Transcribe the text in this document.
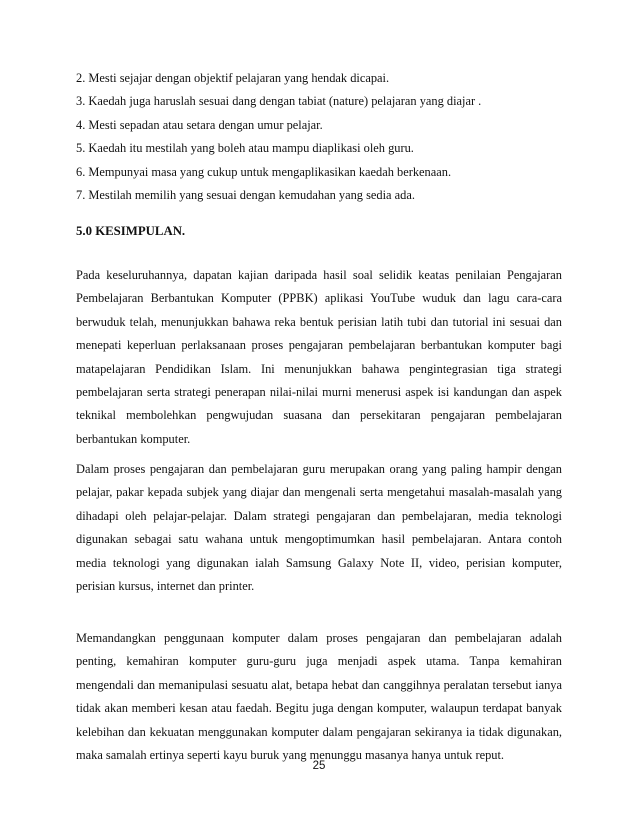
2. Mesti sejajar dengan objektif pelajaran yang hendak dicapai.
3. Kaedah juga haruslah sesuai dang dengan tabiat (nature) pelajaran yang diajar .
4. Mesti sepadan atau setara dengan umur pelajar.
5. Kaedah itu mestilah yang boleh atau mampu diaplikasi oleh guru.
6. Mempunyai masa yang cukup untuk mengaplikasikan kaedah berkenaan.
7. Mestilah memilih yang sesuai dengan kemudahan yang sedia ada.
5.0 KESIMPULAN.
Pada keseluruhannya, dapatan kajian daripada hasil soal selidik keatas penilaian Pengajaran
Pembelajaran Berbantukan Komputer (PPBK) aplikasi YouTube wuduk dan lagu cara-cara
berwuduk telah, menunjukkan bahawa reka bentuk perisian latih tubi dan tutorial ini sesuai dan
menepati keperluan perlaksanaan proses pengajaran pembelajaran berbantukan komputer bagi
matapelajaran Pendidikan Islam. Ini menunjukkan bahawa pengintegrasian tiga strategi
pembelajaran serta strategi penerapan nilai-nilai murni menerusi aspek isi kandungan dan aspek
teknikal membolehkan pengwujudan suasana dan persekitaran pengajaran pembelajaran
berbantukan komputer.
Dalam proses pengajaran dan pembelajaran guru merupakan orang yang paling hampir dengan
pelajar, pakar kepada subjek yang diajar dan mengenali serta mengetahui masalah-masalah yang
dihadapi oleh pelajar-pelajar. Dalam strategi pengajaran dan pembelajaran, media teknologi
digunakan sebagai satu wahana untuk mengoptimumkan hasil pembelajaran. Antara contoh
media teknologi yang digunakan ialah Samsung Galaxy Note II, video, perisian komputer,
perisian kursus, internet dan printer.
Memandangkan penggunaan komputer dalam proses pengajaran dan pembelajaran adalah
penting, kemahiran komputer guru-guru juga menjadi aspek utama. Tanpa kemahiran
mengendali dan memanipulasi sesuatu alat, betapa hebat dan canggihnya peralatan tersebut ianya
tidak akan memberi kesan atau faedah. Begitu juga dengan komputer, walaupun terdapat banyak
kelebihan dan kekuatan menggunakan komputer dalam pengajaran sekiranya ia tidak digunakan,
maka samalah ertinya seperti kayu buruk yang menunggu masanya hanya untuk reput.
25
